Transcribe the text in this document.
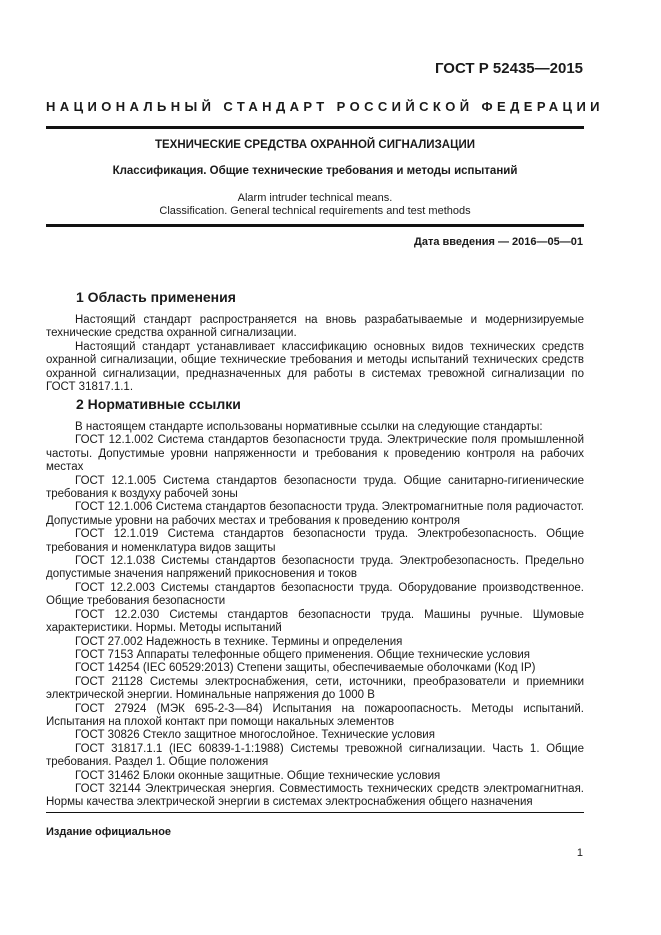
ГОСТ Р 52435—2015
НАЦИОНАЛЬНЫЙ СТАНДАРТ РОССИЙСКОЙ ФЕДЕРАЦИИ
ТЕХНИЧЕСКИЕ СРЕДСТВА ОХРАННОЙ СИГНАЛИЗАЦИИ
Классификация. Общие технические требования и методы испытаний
Alarm intruder technical means.
Classification. General technical requirements and test methods
Дата введения — 2016—05—01
1 Область применения

Настоящий стандарт распространяется на вновь разрабатываемые и модернизируемые технические средства охранной сигнализации.

Настоящий стандарт устанавливает классификацию основных видов технических средств охранной сигнализации, общие технические требования и методы испытаний технических средств охранной сигнализации, предназначенных для работы в системах тревожной сигнализации по ГОСТ 31817.1.1.

2 Нормативные ссылки

В настоящем стандарте использованы нормативные ссылки на следующие стандарты:

ГОСТ 12.1.002 Система стандартов безопасности труда. Электрические поля промышленной частоты. Допустимые уровни напряженности и требования к проведению контроля на рабочих местах

ГОСТ 12.1.005 Система стандартов безопасности труда. Общие санитарно-гигиенические требования к воздуху рабочей зоны

ГОСТ 12.1.006 Система стандартов безопасности труда. Электромагнитные поля радиочастот. Допустимые уровни на рабочих местах и требования к проведению контроля

ГОСТ 12.1.019 Система стандартов безопасности труда. Электробезопасность. Общие требования и номенклатура видов защиты

ГОСТ 12.1.038 Системы стандартов безопасности труда. Электробезопасность. Предельно допустимые значения напряжений прикосновения и токов

ГОСТ 12.2.003 Системы стандартов безопасности труда. Оборудование производственное. Общие требования безопасности

ГОСТ 12.2.030 Системы стандартов безопасности труда. Машины ручные. Шумовые характеристики. Нормы. Методы испытаний

ГОСТ 27.002 Надежность в технике. Термины и определения

ГОСТ 7153 Аппараты телефонные общего применения. Общие технические условия

ГОСТ 14254 (IEC 60529:2013) Степени защиты, обеспечиваемые оболочками (Код IP)

ГОСТ 21128 Системы электроснабжения, сети, источники, преобразователи и приемники электрической энергии. Номинальные напряжения до 1000 В

ГОСТ 27924 (МЭК 695-2-3—84) Испытания на пожароопасность. Методы испытаний. Испытания на плохой контакт при помощи накальных элементов

ГОСТ 30826 Стекло защитное многослойное. Технические условия

ГОСТ 31817.1.1 (IEC 60839-1-1:1988) Системы тревожной сигнализации. Часть 1. Общие требования. Раздел 1. Общие положения

ГОСТ 31462 Блоки оконные защитные. Общие технические условия

ГОСТ 32144 Электрическая энергия. Совместимость технических средств электромагнитная. Нормы качества электрической энергии в системах электроснабжения общего назначения

Издание официальное
1
